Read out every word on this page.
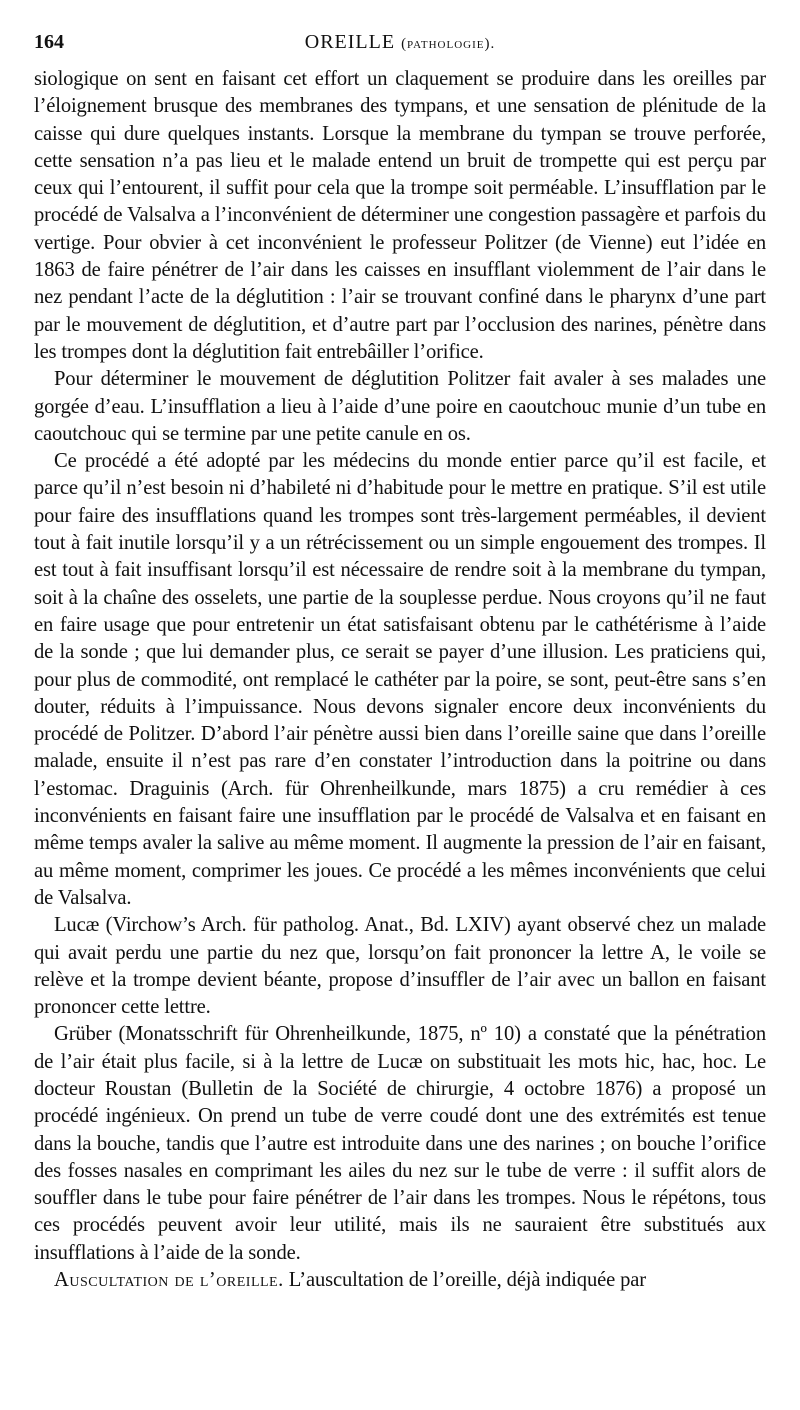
164	OREILLE (pathologie).

siologique on sent en faisant cet effort un claquement se produire dans les oreilles par l’éloignement brusque des membranes des tympans, et une sensation de plénitude de la caisse qui dure quelques instants. Lorsque la membrane du tympan se trouve perforée, cette sensation n’a pas lieu et le malade entend un bruit de trompette qui est perçu par ceux qui l’entourent, il suffit pour cela que la trompe soit perméable. L’insufflation par le procédé de Valsalva a l’inconvénient de déterminer une congestion passagère et parfois du vertige. Pour obvier à cet inconvénient le professeur Politzer (de Vienne) eut l’idée en 1863 de faire pénétrer de l’air dans les caisses en insufflant violemment de l’air dans le nez pendant l’acte de la déglutition : l’air se trouvant confiné dans le pharynx d’une part par le mouvement de déglutition, et d’autre part par l’occlusion des narines, pénètre dans les trompes dont la déglutition fait entrebâiller l’orifice.

Pour déterminer le mouvement de déglutition Politzer fait avaler à ses malades une gorgée d’eau. L’insufflation a lieu à l’aide d’une poire en caoutchouc munie d’un tube en caoutchouc qui se termine par une petite canule en os.

Ce procédé a été adopté par les médecins du monde entier parce qu’il est facile, et parce qu’il n’est besoin ni d’habileté ni d’habitude pour le mettre en pratique. S’il est utile pour faire des insufflations quand les trompes sont très-largement perméables, il devient tout à fait inutile lorsqu’il y a un rétrécissement ou un simple engouement des trompes. Il est tout à fait insuffisant lorsqu’il est nécessaire de rendre soit à la membrane du tympan, soit à la chaîne des osselets, une partie de la souplesse perdue. Nous croyons qu’il ne faut en faire usage que pour entretenir un état satisfaisant obtenu par le cathétérisme à l’aide de la sonde ; que lui demander plus, ce serait se payer d’une illusion. Les praticiens qui, pour plus de commodité, ont remplacé le cathéter par la poire, se sont, peut-être sans s’en douter, réduits à l’impuissance. Nous devons signaler encore deux inconvénients du procédé de Politzer. D’abord l’air pénètre aussi bien dans l’oreille saine que dans l’oreille malade, ensuite il n’est pas rare d’en constater l’introduction dans la poitrine ou dans l’estomac. Draguinis (Arch. für Ohrenheilkunde, mars 1875) a cru remédier à ces inconvénients en faisant faire une insufflation par le procédé de Valsalva et en faisant en même temps avaler la salive au même moment. Il augmente la pression de l’air en faisant, au même moment, comprimer les joues. Ce procédé a les mêmes inconvénients que celui de Valsalva.

Lucæ (Virchow’s Arch. für patholog. Anat., Bd. LXIV) ayant observé chez un malade qui avait perdu une partie du nez que, lorsqu’on fait prononcer la lettre A, le voile se relève et la trompe devient béante, propose d’insuffler de l’air avec un ballon en faisant prononcer cette lettre.

Grüber (Monatsschrift für Ohrenheilkunde, 1875, nº 10) a constaté que la pénétration de l’air était plus facile, si à la lettre de Lucæ on substituait les mots hic, hac, hoc. Le docteur Roustan (Bulletin de la Société de chirurgie, 4 octobre 1876) a proposé un procédé ingénieux. On prend un tube de verre coudé dont une des extrémités est tenue dans la bouche, tandis que l’autre est introduite dans une des narines ; on bouche l’orifice des fosses nasales en comprimant les ailes du nez sur le tube de verre : il suffit alors de souffler dans le tube pour faire pénétrer de l’air dans les trompes. Nous le répétons, tous ces procédés peuvent avoir leur utilité, mais ils ne sauraient être substitués aux insufflations à l’aide de la sonde.

Auscultation de l’oreille. L’auscultation de l’oreille, déjà indiquée par
